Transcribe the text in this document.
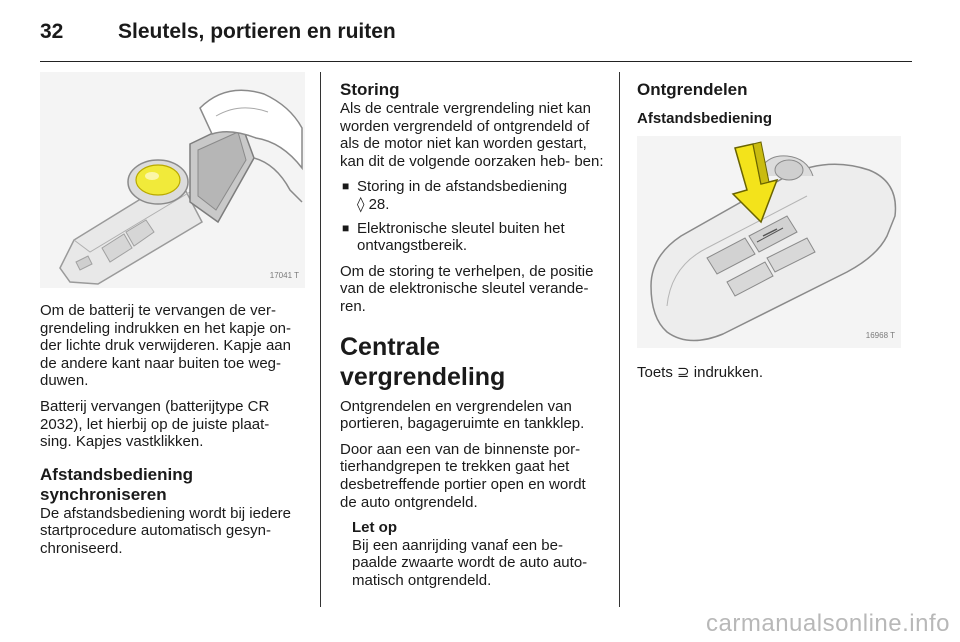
32	Sleutels, portieren en ruiten
17041 T

Om de batterij te vervangen de ver- grendeling indrukken en het kapje on- der lichte druk verwijderen. Kapje aan de andere kant naar buiten toe weg- duwen.

Batterij vervangen (batterijtype CR 2032), let hierbij op de juiste plaat- sing. Kapjes vastklikken.

Afstandsbediening
synchroniseren

De afstandsbediening wordt bij iedere startprocedure automatisch gesyn- chroniseerd.

Storing

Als de centrale vergrendeling niet kan worden vergrendeld of ontgrendeld of als de motor niet kan worden gestart, kan dit de volgende oorzaken heb- ben:

■ Storing in de afstandsbediening
◊ 28.
■ Elektronische sleutel buiten het ontvangstbereik.

Om de storing te verhelpen, de positie van de elektronische sleutel verande- ren.

Centrale vergrendeling

Ontgrendelen en vergrendelen van portieren, bagageruimte en tankklep.

Door aan een van de binnenste por- tierhandgrepen te trekken gaat het desbetreffende portier open en wordt de auto ontgrendeld.

Let op
Bij een aanrijding vanaf een be- paalde zwaarte wordt de auto auto- matisch ontgrendeld.
Ontgrendelen
Afstandsbediening
16968 T

Toets ⊇ indrukken.

carmanualsonline.info
